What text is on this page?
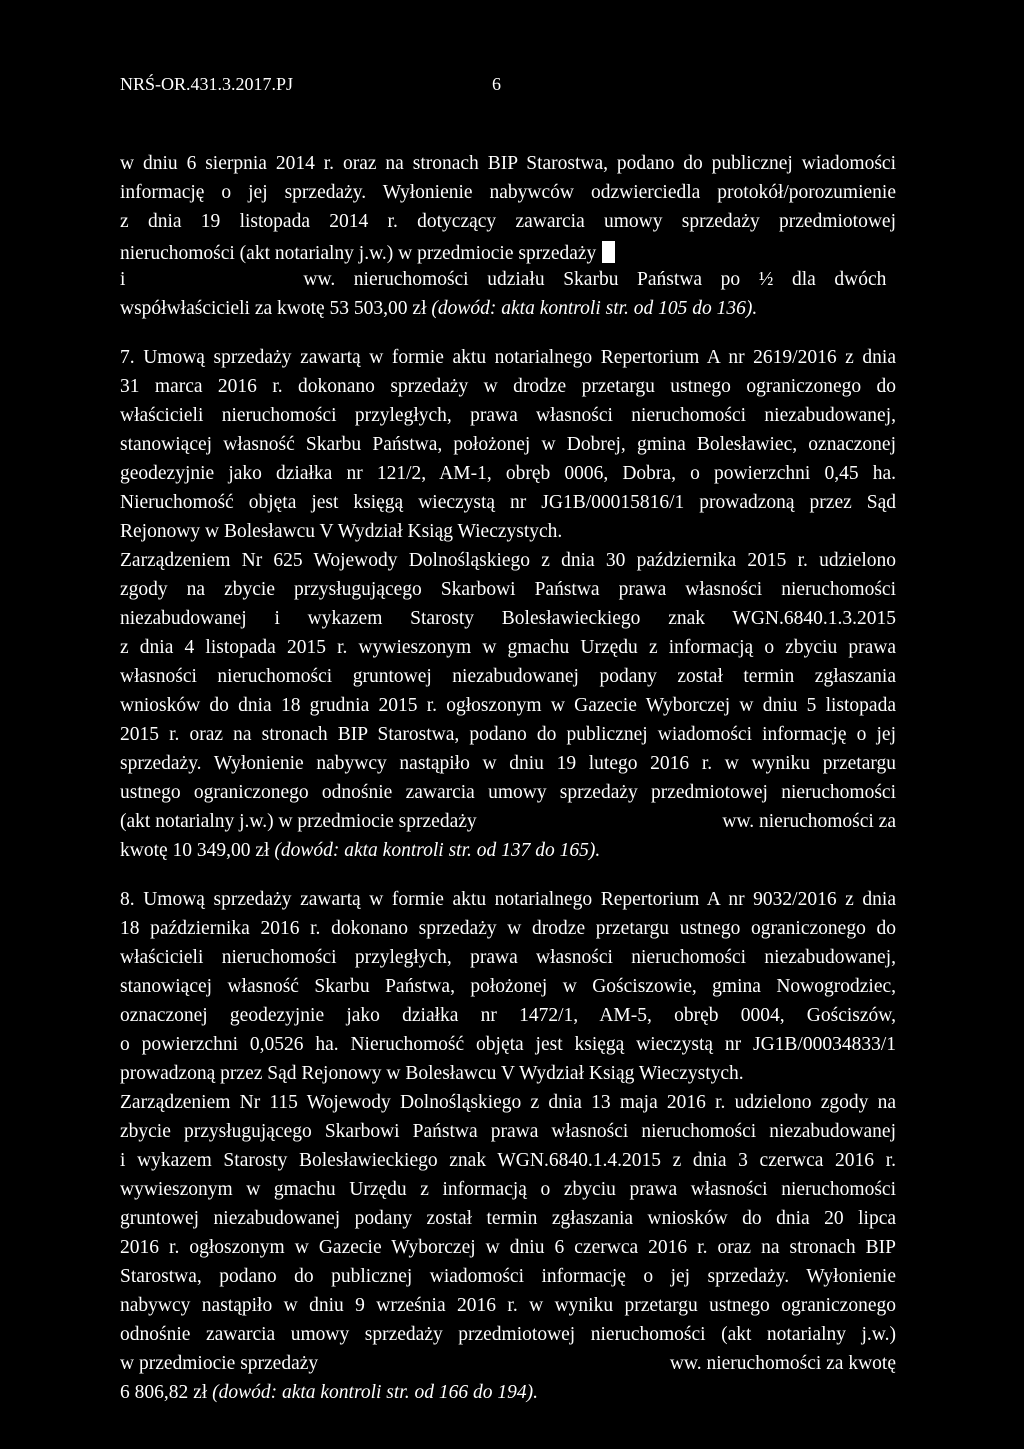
NRŚ-OR.431.3.2017.PJ	6
w dniu 6 sierpnia 2014 r. oraz na stronach BIP Starostwa, podano do publicznej wiadomości
informację o jej sprzedaży. Wyłonienie nabywców odzwierciedla protokół/porozumienie
z dnia 19 listopada 2014 r. dotyczący zawarcia umowy sprzedaży przedmiotowej
nieruchomości (akt notarialny j.w.) w przedmiocie sprzedaży
i	ww. nieruchomości udziału Skarbu Państwa po ½ dla dwóch
współwłaścicieli za kwotę 53 503,00 zł (dowód: akta kontroli str. od 105 do 136).
7. Umową sprzedaży zawartą w formie aktu notarialnego Repertorium A nr 2619/2016 z dnia
31 marca 2016 r. dokonano sprzedaży w drodze przetargu ustnego ograniczonego do
właścicieli nieruchomości przyległych, prawa własności nieruchomości niezabudowanej,
stanowiącej własność Skarbu Państwa, położonej w Dobrej, gmina Bolesławiec, oznaczonej
geodezyjnie jako działka nr 121/2, AM-1, obręb 0006, Dobra, o powierzchni 0,45 ha.
Nieruchomość objęta jest księgą wieczystą nr JG1B/00015816/1 prowadzoną przez Sąd
Rejonowy w Bolesławcu V Wydział Ksiąg Wieczystych.
Zarządzeniem Nr 625 Wojewody Dolnośląskiego z dnia 30 października 2015 r. udzielono
zgody na zbycie przysługującego Skarbowi Państwa prawa własności nieruchomości
niezabudowanej i wykazem Starosty Bolesławieckiego znak WGN.6840.1.3.2015
z dnia 4 listopada 2015 r. wywieszonym w gmachu Urzędu z informacją o zbyciu prawa
własności nieruchomości gruntowej niezabudowanej podany został termin zgłaszania
wniosków do dnia 18 grudnia 2015 r. ogłoszonym w Gazecie Wyborczej w dniu 5 listopada
2015 r. oraz na stronach BIP Starostwa, podano do publicznej wiadomości informację o jej
sprzedaży. Wyłonienie nabywcy nastąpiło w dniu 19 lutego 2016 r. w wyniku przetargu
ustnego ograniczonego odnośnie zawarcia umowy sprzedaży przedmiotowej nieruchomości
(akt notarialny j.w.) w przedmiocie sprzedaży	ww. nieruchomości za
kwotę 10 349,00 zł (dowód: akta kontroli str. od 137 do 165).
8. Umową sprzedaży zawartą w formie aktu notarialnego Repertorium A nr 9032/2016 z dnia
18 października 2016 r. dokonano sprzedaży w drodze przetargu ustnego ograniczonego do
właścicieli nieruchomości przyległych, prawa własności nieruchomości niezabudowanej,
stanowiącej własność Skarbu Państwa, położonej w Gościszowie, gmina Nowogrodziec,
oznaczonej geodezyjnie jako działka nr 1472/1, AM-5, obręb 0004, Gościszów,
o powierzchni 0,0526 ha. Nieruchomość objęta jest księgą wieczystą nr JG1B/00034833/1
prowadzoną przez Sąd Rejonowy w Bolesławcu V Wydział Ksiąg Wieczystych.
Zarządzeniem Nr 115 Wojewody Dolnośląskiego z dnia 13 maja 2016 r. udzielono zgody na
zbycie przysługującego Skarbowi Państwa prawa własności nieruchomości niezabudowanej
i wykazem Starosty Bolesławieckiego znak WGN.6840.1.4.2015 z dnia 3 czerwca 2016 r.
wywieszonym w gmachu Urzędu z informacją o zbyciu prawa własności nieruchomości
gruntowej niezabudowanej podany został termin zgłaszania wniosków do dnia 20 lipca
2016 r. ogłoszonym w Gazecie Wyborczej w dniu 6 czerwca 2016 r. oraz na stronach BIP
Starostwa, podano do publicznej wiadomości informację o jej sprzedaży. Wyłonienie
nabywcy nastąpiło w dniu 9 września 2016 r. w wyniku przetargu ustnego ograniczonego
odnośnie zawarcia umowy sprzedaży przedmiotowej nieruchomości (akt notarialny j.w.)
w przedmiocie sprzedaży	ww. nieruchomości za kwotę
6 806,82 zł (dowód: akta kontroli str. od 166 do 194).
